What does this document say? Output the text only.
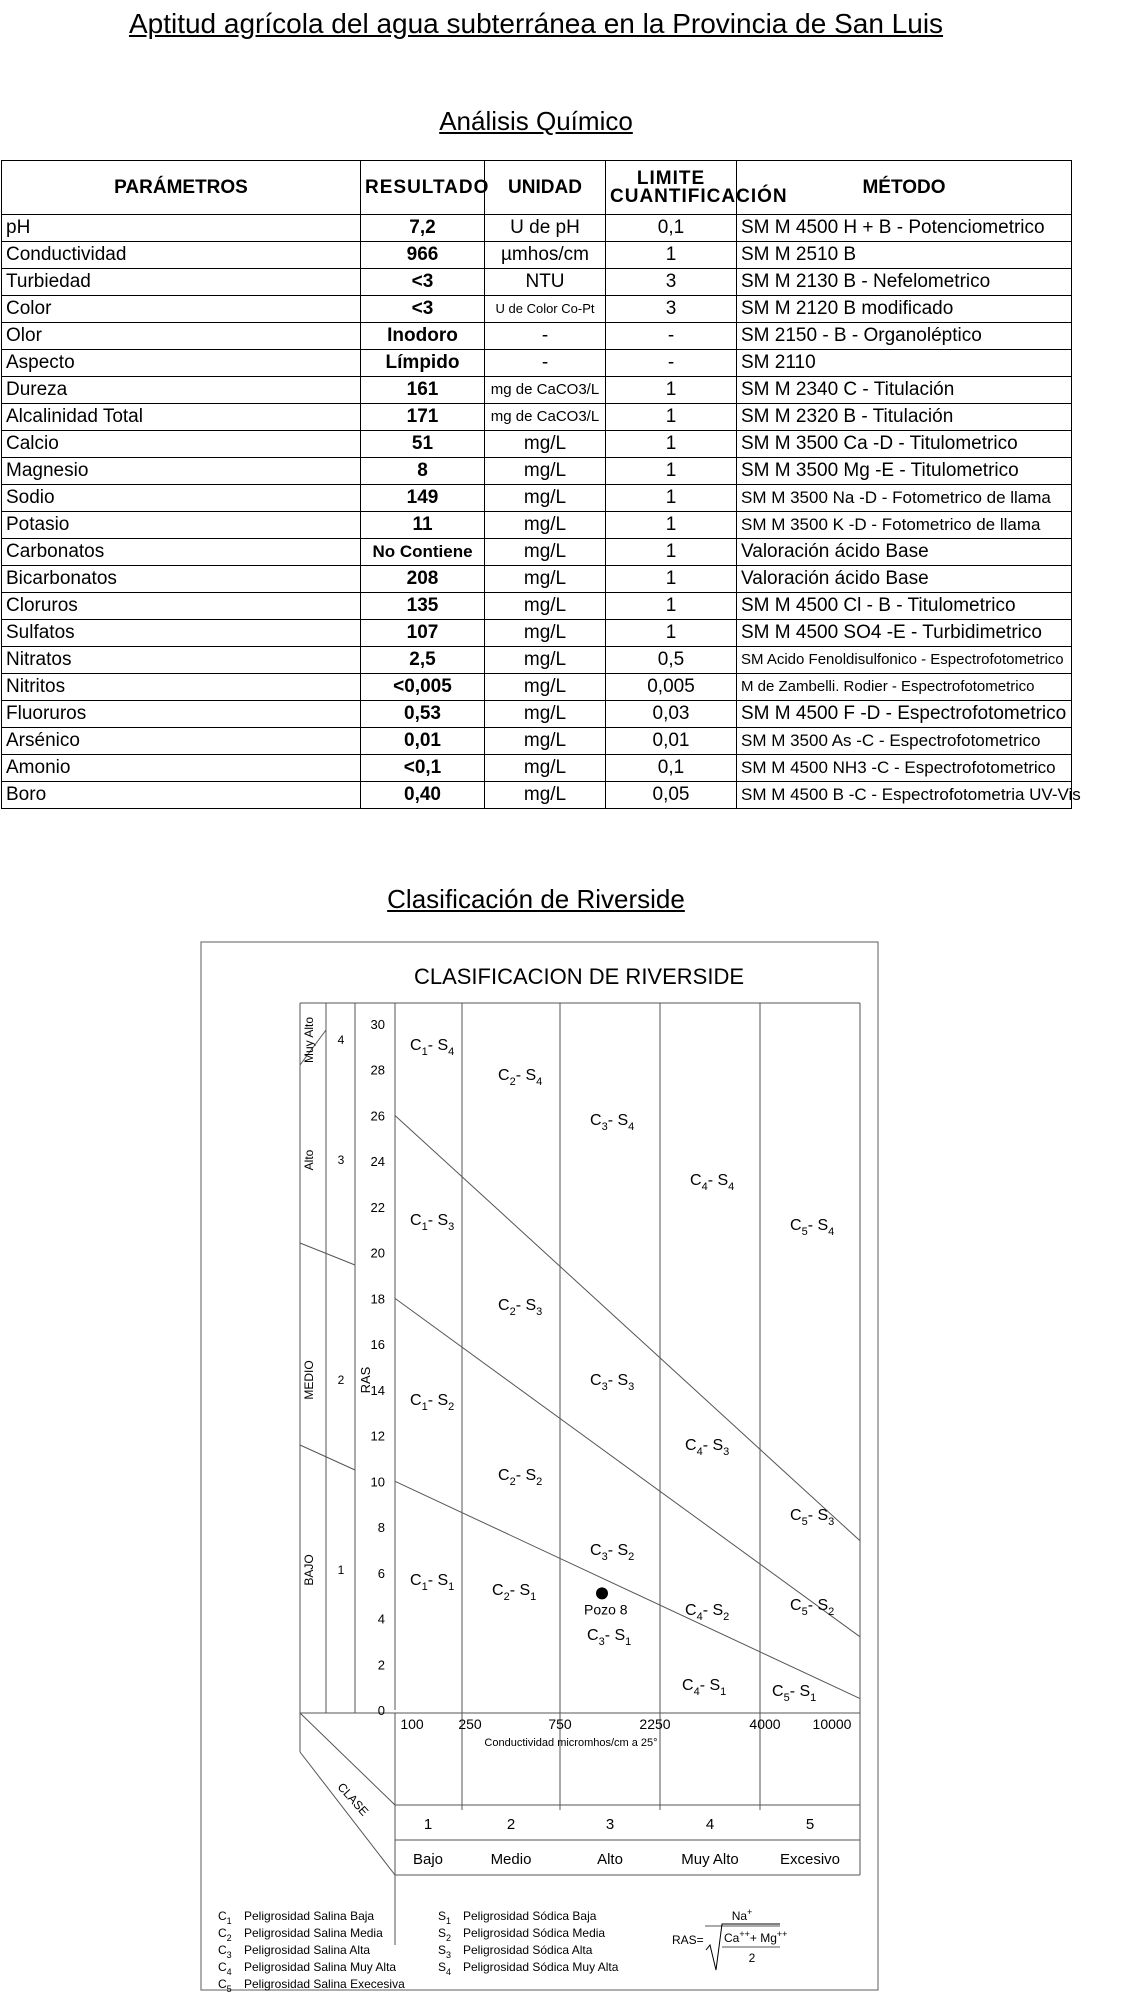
Aptitud agrícola del agua subterránea en la Provincia de San Luis
Análisis Químico
PARÁMETROS	RESULTADO	UNIDAD	LIMITE CUANTIFICACIÓN	MÉTODO
pH	7,2	U de pH	0,1	SM M 4500 H + B - Potenciometrico
Conductividad	966	µmhos/cm	1	SM M 2510 B
Turbiedad	<3	NTU	3	SM M 2130 B - Nefelometrico
Color	<3	U de Color Co-Pt	3	SM M 2120 B modificado
Olor	Inodoro	-	-	SM 2150 - B - Organoléptico
Aspecto	Límpido	-	-	SM 2110
Dureza	161	mg de CaCO3/L	1	SM M 2340 C - Titulación
Alcalinidad Total	171	mg de CaCO3/L	1	SM M 2320 B - Titulación
Calcio	51	mg/L	1	SM M 3500 Ca -D - Titulometrico
Magnesio	8	mg/L	1	SM M 3500 Mg -E - Titulometrico
Sodio	149	mg/L	1	SM M 3500 Na -D - Fotometrico de llama
Potasio	11	mg/L	1	SM M 3500 K -D - Fotometrico de llama
Carbonatos	No Contiene	mg/L	1	Valoración ácido Base
Bicarbonatos	208	mg/L	1	Valoración ácido Base
Cloruros	135	mg/L	1	SM M 4500 Cl - B - Titulometrico
Sulfatos	107	mg/L	1	SM M 4500 SO4 -E - Turbidimetrico
Nitratos	2,5	mg/L	0,5	SM Acido Fenoldisulfonico - Espectrofotometrico
Nitritos	<0,005	mg/L	0,005	M de Zambelli. Rodier - Espectrofotometrico
Fluoruros	0,53	mg/L	0,03	SM M 4500 F -D - Espectrofotometrico
Arsénico	0,01	mg/L	0,01	SM M 3500 As -C - Espectrofotometrico
Amonio	<0,1	mg/L	0,1	SM M 4500 NH3 -C - Espectrofotometrico
Boro	0,40	mg/L	0,05	SM M 4500 B -C - Espectrofotometria UV-Vis
Clasificación de Riverside
CLASIFICACION DE RIVERSIDE
0
2
4
6
8
10
12
14
16
18
20
22
24
26
28
30
RAS
100 250	750	2250	4000 10000
Conductividad micromhos/cm a 25°
Muy Alto 4
Alto 3
MEDIO 2
BAJO 1
CLASE
1
Bajo
2
Medio
3
Alto
4
Muy Alto
5
Excesivo
$C_1-$ $S_4$
$C_2-$ $S_4$
$C_3-$ $S_4$
$C_4-$ $S_4$
$C_5-$ $S_4$
$C_1-$ $S_3$
$C_2-$ $S_3$
$C_3-$ $S_3$
$C_4-$ $S_3$
$C_5-$ $S_3$
$C_1-$ $S_2$
$C_2-$ $S_2$
$C_3-$ $S_2$
$C_4-$ $S_2$
$C_5-$ $S_2$
$C_1-$ $S_1$ $C_2-$ $S_1$
$C_3-$ $S_1$
$C_4-$ $S_1$	$C_5-$ $S_1$
Pozo 8
$C_1$ Peligrosidad Salina Baja
$C_2$ Peligrosidad Salina Media
$C_3$ Peligrosidad Salina Alta
$C_4$ Peligrosidad Salina Muy Alta
$C_5$ Peligrosidad Salina Execesiva
$S_1$ Peligrosidad Sódica Baja
$S_2$ Peligrosidad Sódica Media
$S_3$ Peligrosidad Sódica Alta
$S_4$ Peligrosidad Sódica Muy Alta
RAS=
Na+
Ca+++ Mg++
2
